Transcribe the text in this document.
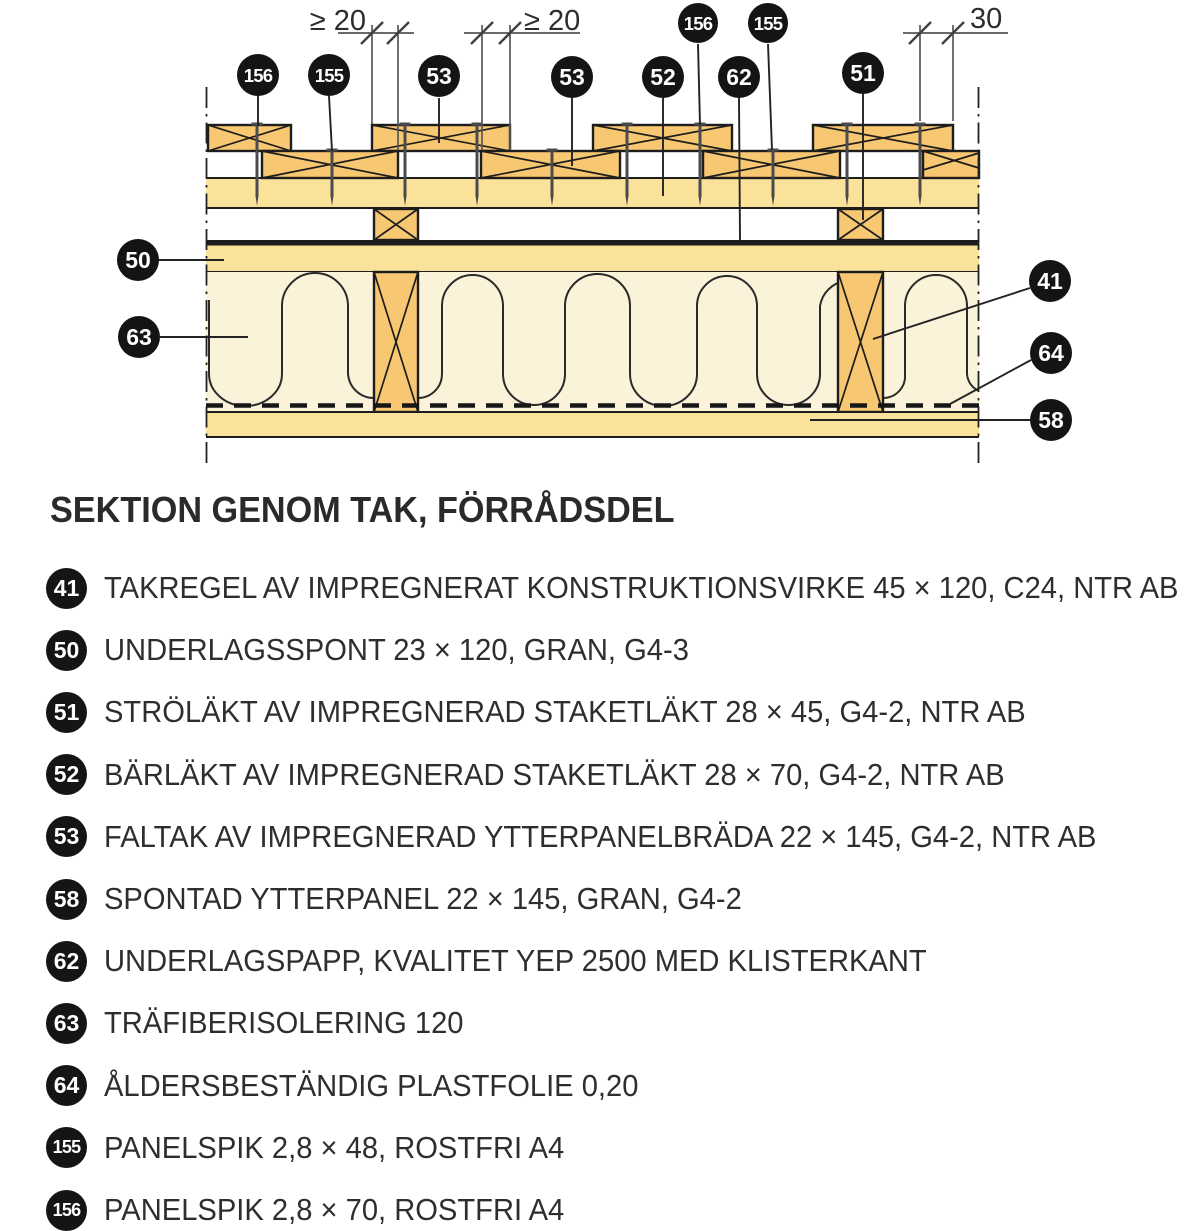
≥ 20	≥ 20	30
156 155	53	53	52 62
156 155
51
50
63
41
64
58
SEKTION GENOM TAK, FÖRRÅDSDEL
41 TAKREGEL AV IMPREGNERAT KONSTRUKTIONSVIRKE 45 × 120, C24, NTR AB
50 UNDERLAGSSPONT 23 × 120, GRAN, G4-3
51 STRÖLÄKT AV IMPREGNERAD STAKETLÄKT 28 × 45, G4-2, NTR AB
52 BÄRLÄKT AV IMPREGNERAD STAKETLÄKT 28 × 70, G4-2, NTR AB
53 FALTAK AV IMPREGNERAD YTTERPANELBRÄDA 22 × 145, G4-2, NTR AB
58 SPONTAD YTTERPANEL 22 × 145, GRAN, G4-2
62 UNDERLAGSPAPP, KVALITET YEP 2500 MED KLISTERKANT
63 TRÄFIBERISOLERING 120
64 ÅLDERSBESTÄNDIG PLASTFOLIE 0,20
155 PANELSPIK 2,8 × 48, ROSTFRI A4
156 PANELSPIK 2,8 × 70, ROSTFRI A4
